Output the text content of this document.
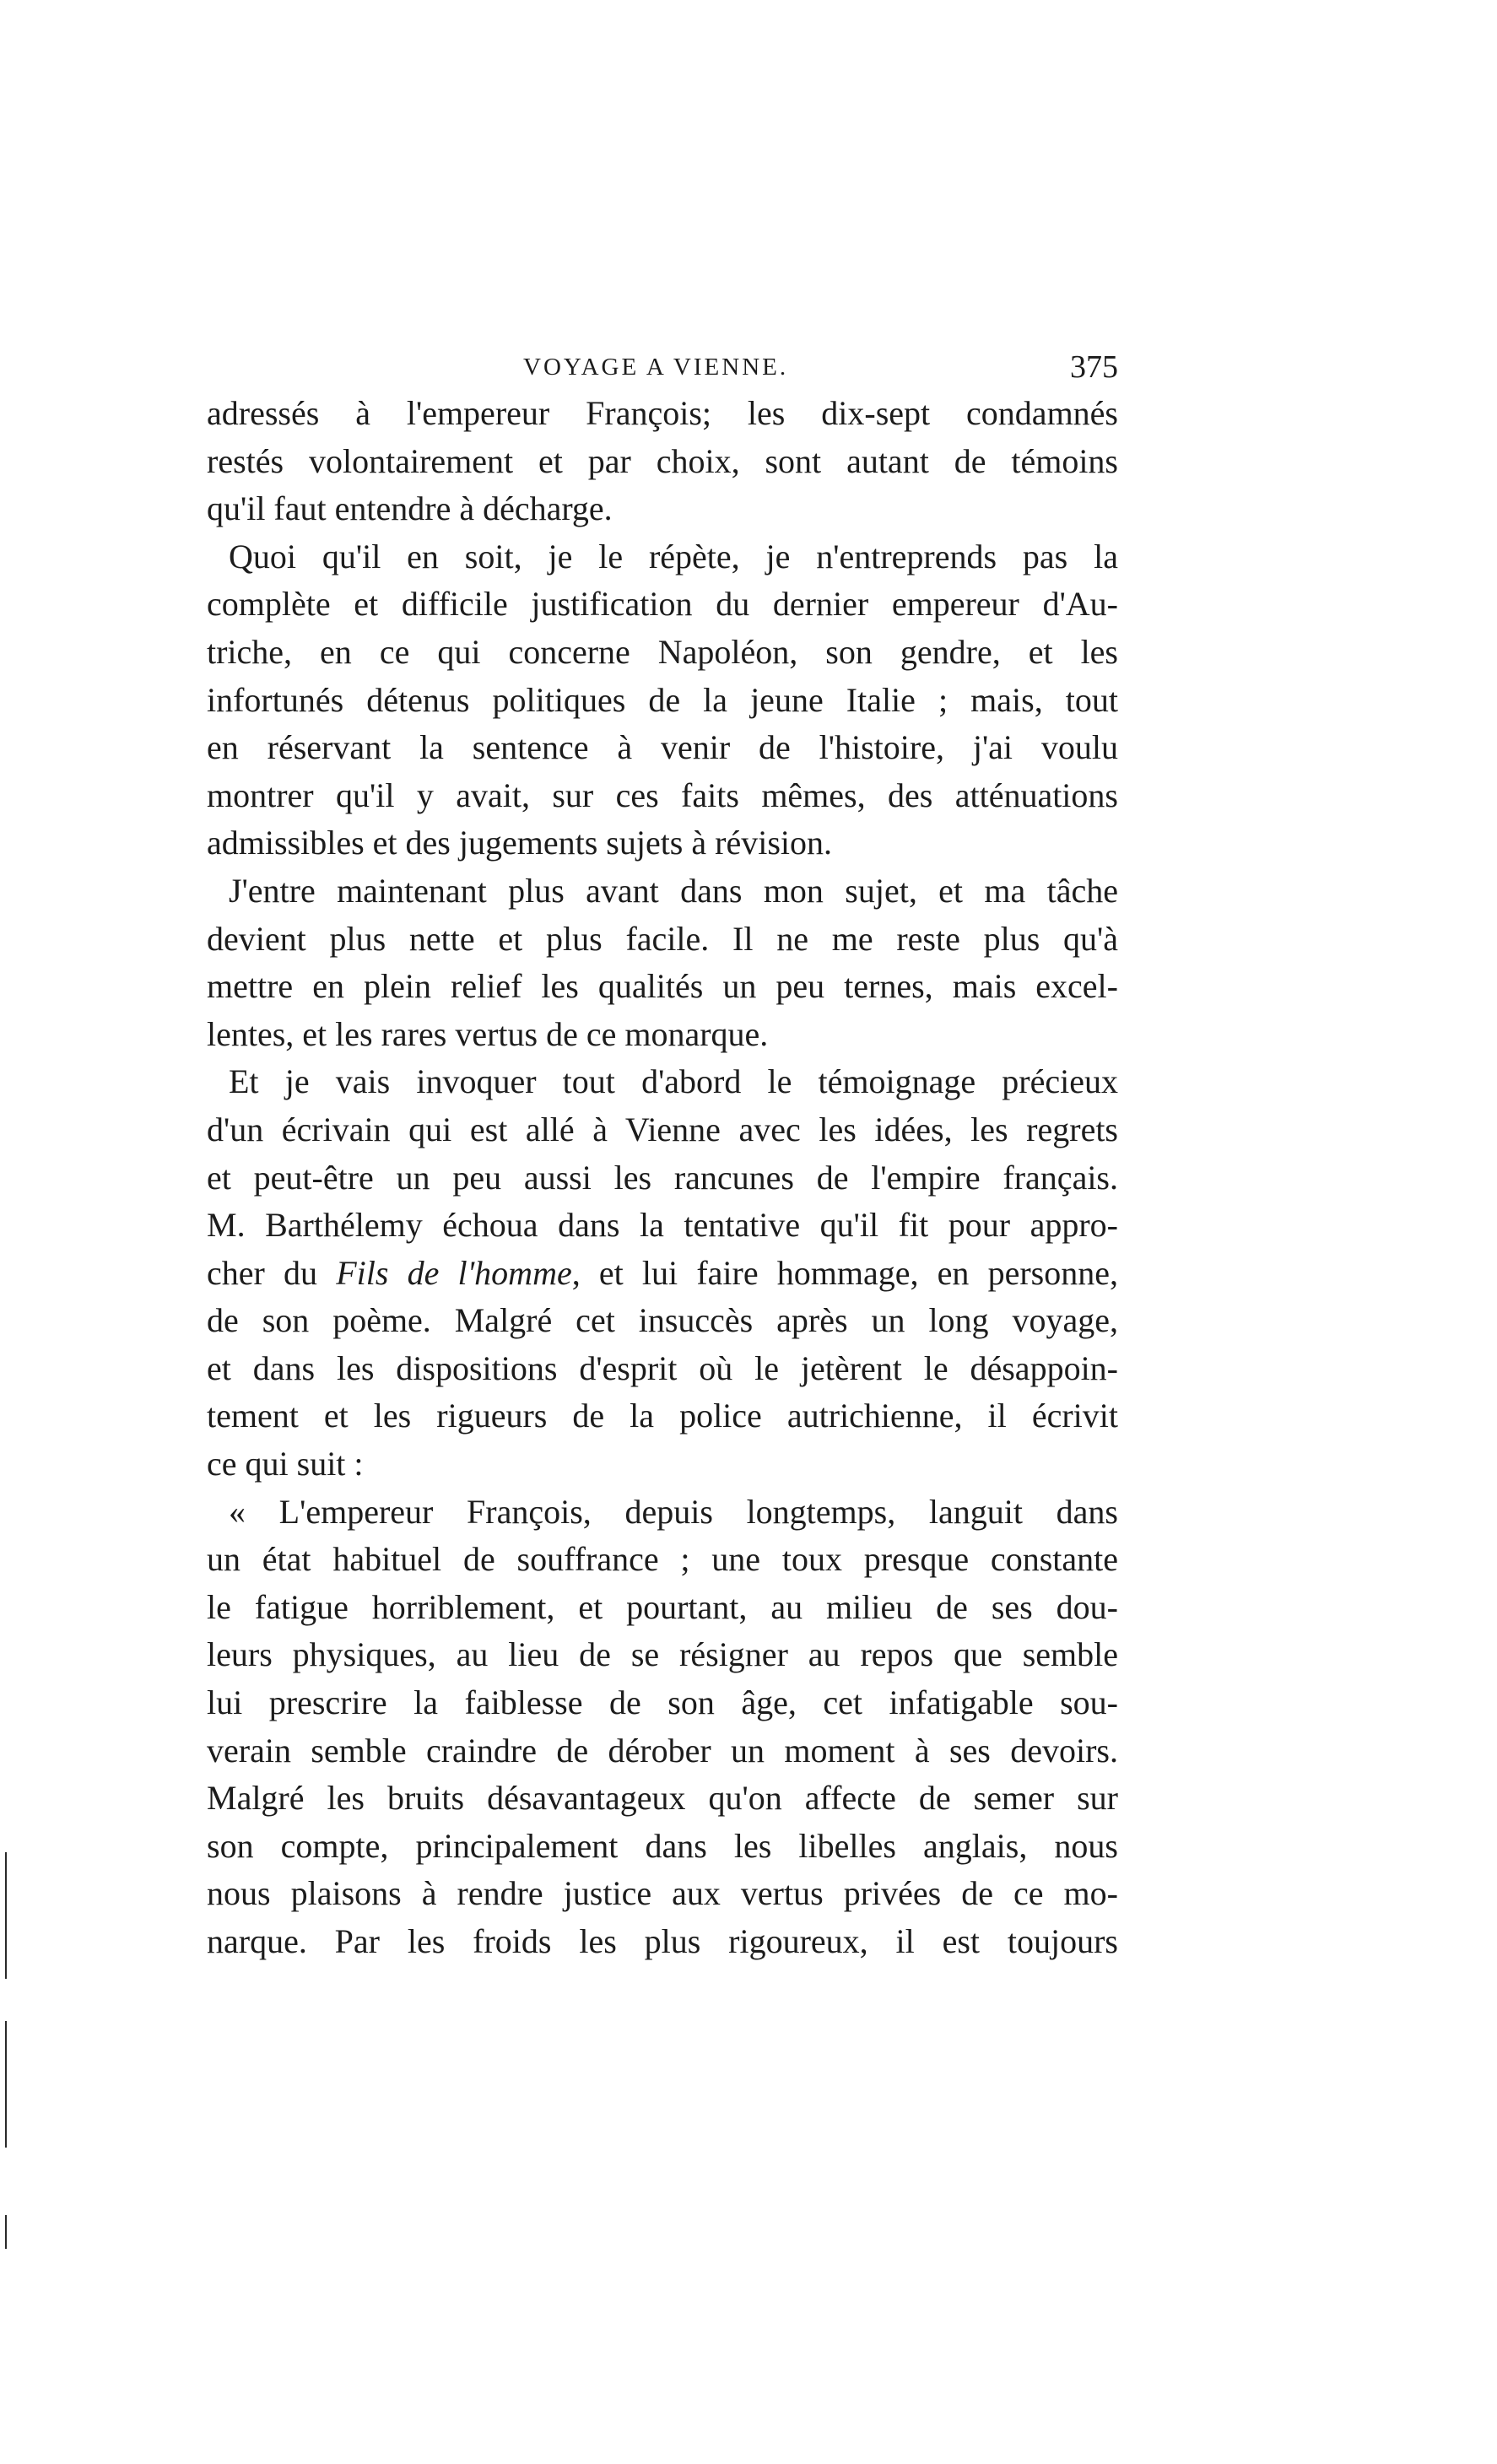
VOYAGE A VIENNE.	375
adressés à l'empereur François; les dix-sept condamnés
restés volontairement et par choix, sont autant de témoins
qu'il faut entendre à décharge.
Quoi qu'il en soit, je le répète, je n'entreprends pas la
complète et difficile justification du dernier empereur d'Au-
triche, en ce qui concerne Napoléon, son gendre, et les
infortunés détenus politiques de la jeune Italie ; mais, tout
en réservant la sentence à venir de l'histoire, j'ai voulu
montrer qu'il y avait, sur ces faits mêmes, des atténuations
admissibles et des jugements sujets à révision.
J'entre maintenant plus avant dans mon sujet, et ma tâche
devient plus nette et plus facile. Il ne me reste plus qu'à
mettre en plein relief les qualités un peu ternes, mais excel-
lentes, et les rares vertus de ce monarque.
Et je vais invoquer tout d'abord le témoignage précieux
d'un écrivain qui est allé à Vienne avec les idées, les regrets
et peut-être un peu aussi les rancunes de l'empire français.
M. Barthélemy échoua dans la tentative qu'il fit pour appro-
cher du Fils de l'homme, et lui faire hommage, en personne,
de son poème. Malgré cet insuccès après un long voyage,
et dans les dispositions d'esprit où le jetèrent le désappoin-
tement et les rigueurs de la police autrichienne, il écrivit
ce qui suit :
« L'empereur François, depuis longtemps, languit dans
un état habituel de souffrance ; une toux presque constante
le fatigue horriblement, et pourtant, au milieu de ses dou-
leurs physiques, au lieu de se résigner au repos que semble
lui prescrire la faiblesse de son âge, cet infatigable sou-
verain semble craindre de dérober un moment à ses devoirs.
Malgré les bruits désavantageux qu'on affecte de semer sur
son compte, principalement dans les libelles anglais, nous
nous plaisons à rendre justice aux vertus privées de ce mo-
narque. Par les froids les plus rigoureux, il est toujours
